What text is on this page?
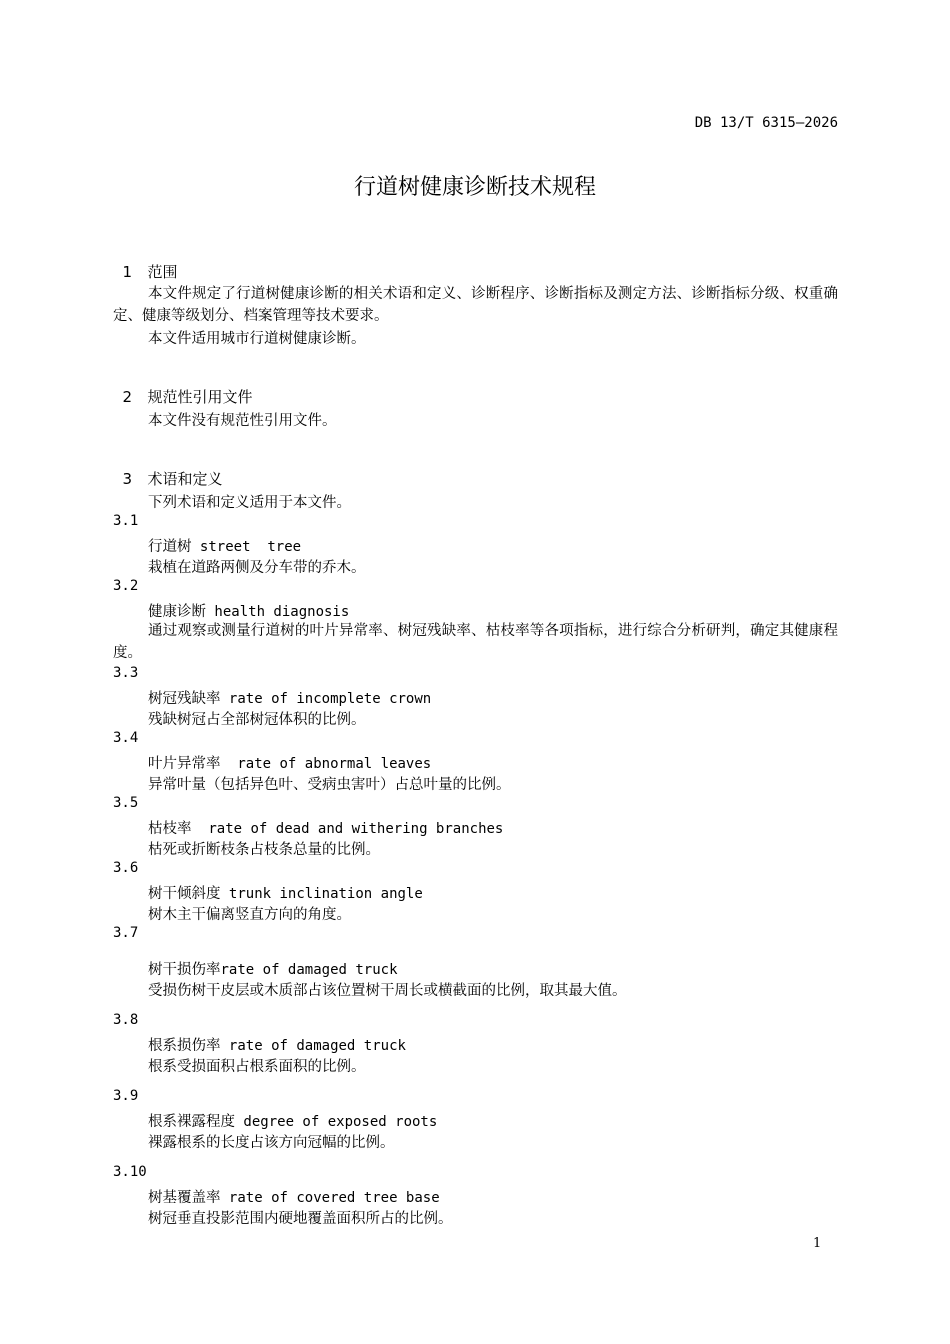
DB 13/T 6315—2026
行道树健康诊断技术规程

1 范围

本文件规定了行道树健康诊断的相关术语和定义、诊断程序、诊断指标及测定方法、诊断指标分级、权重确定、健康等级划分、档案管理等技术要求。
本文件适用城市行道树健康诊断。

2 规范性引用文件

本文件没有规范性引用文件。

3 术语和定义

下列术语和定义适用于本文件。
3.1
行道树 street  tree
栽植在道路两侧及分车带的乔木。
3.2
健康诊断 health diagnosis
通过观察或测量行道树的叶片异常率、树冠残缺率、枯枝率等各项指标，进行综合分析研判，确定其健康程度。
3.3
树冠残缺率 rate of incomplete crown
残缺树冠占全部树冠体积的比例。
3.4
叶片异常率  rate of abnormal leaves
异常叶量（包括异色叶、受病虫害叶）占总叶量的比例。
3.5
枯枝率  rate of dead and withering branches
枯死或折断枝条占枝条总量的比例。
3.6
树干倾斜度 trunk inclination angle
树木主干偏离竖直方向的角度。
3.7
树干损伤率rate of damaged truck
受损伤树干皮层或木质部占该位置树干周长或横截面的比例，取其最大值。
3.8
根系损伤率 rate of damaged truck
根系受损面积占根系面积的比例。
3.9
根系裸露程度 degree of exposed roots
裸露根系的长度占该方向冠幅的比例。
3.10
树基覆盖率 rate of covered tree base
树冠垂直投影范围内硬地覆盖面积所占的比例。
1
